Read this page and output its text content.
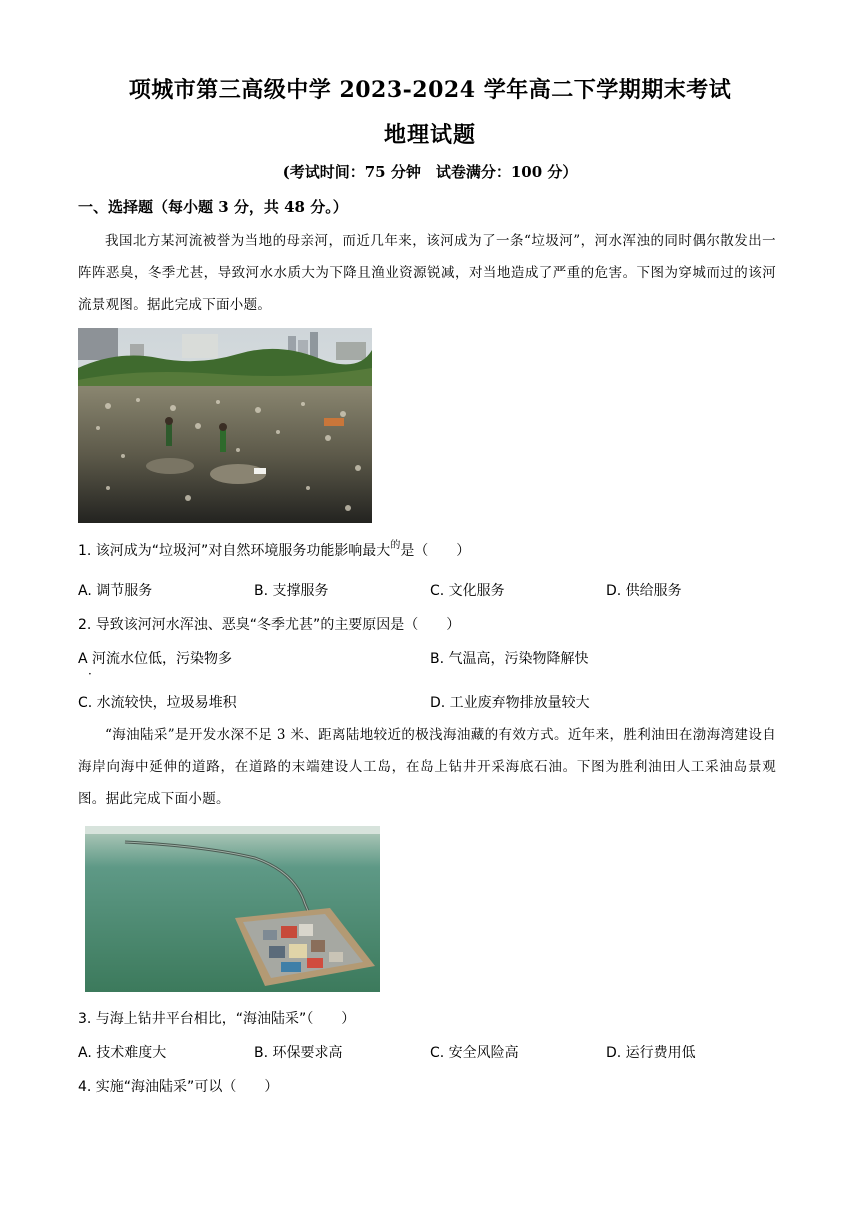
项城市第三高级中学 2023-2024 学年高二下学期期末考试
地理试题
(考试时间：75 分钟　试卷满分：100 分）
一、选择题（每小题 3 分，共 48 分。）
我国北方某河流被誉为当地的母亲河，而近几年来，该河成为了一条“垃圾河”，河水浑浊的同时偶尔散发出一阵阵恶臭，冬季尤甚，导致河水水质大为下降且渔业资源锐减，对当地造成了严重的危害。下图为穿城而过的该河流景观图。据此完成下面小题。
1. 该河成为“垃圾河”对自然环境服务功能影响最大$^的$是（　　）
A. 调节服务	B. 支撑服务	C. 文化服务	D. 供给服务
2. 导致该河河水浑浊、恶臭“冬季尤甚”的主要原因是（　　）
A 河流水位低，污染物多
·
B. 气温高，污染物降解快
C. 水流较快，垃圾易堆积	D. 工业废弃物排放量较大
“海油陆采”是开发水深不足 3 米、距离陆地较近的极浅海油藏的有效方式。近年来，胜利油田在渤海湾建设自海岸向海中延伸的道路，在道路的末端建设人工岛，在岛上钻井开采海底石油。下图为胜利油田人工采油岛景观图。据此完成下面小题。
3. 与海上钻井平台相比，“海油陆采”（　　）
A. 技术难度大	B. 环保要求高	C. 安全风险高	D. 运行费用低
4. 实施“海油陆采”可以（　　）
